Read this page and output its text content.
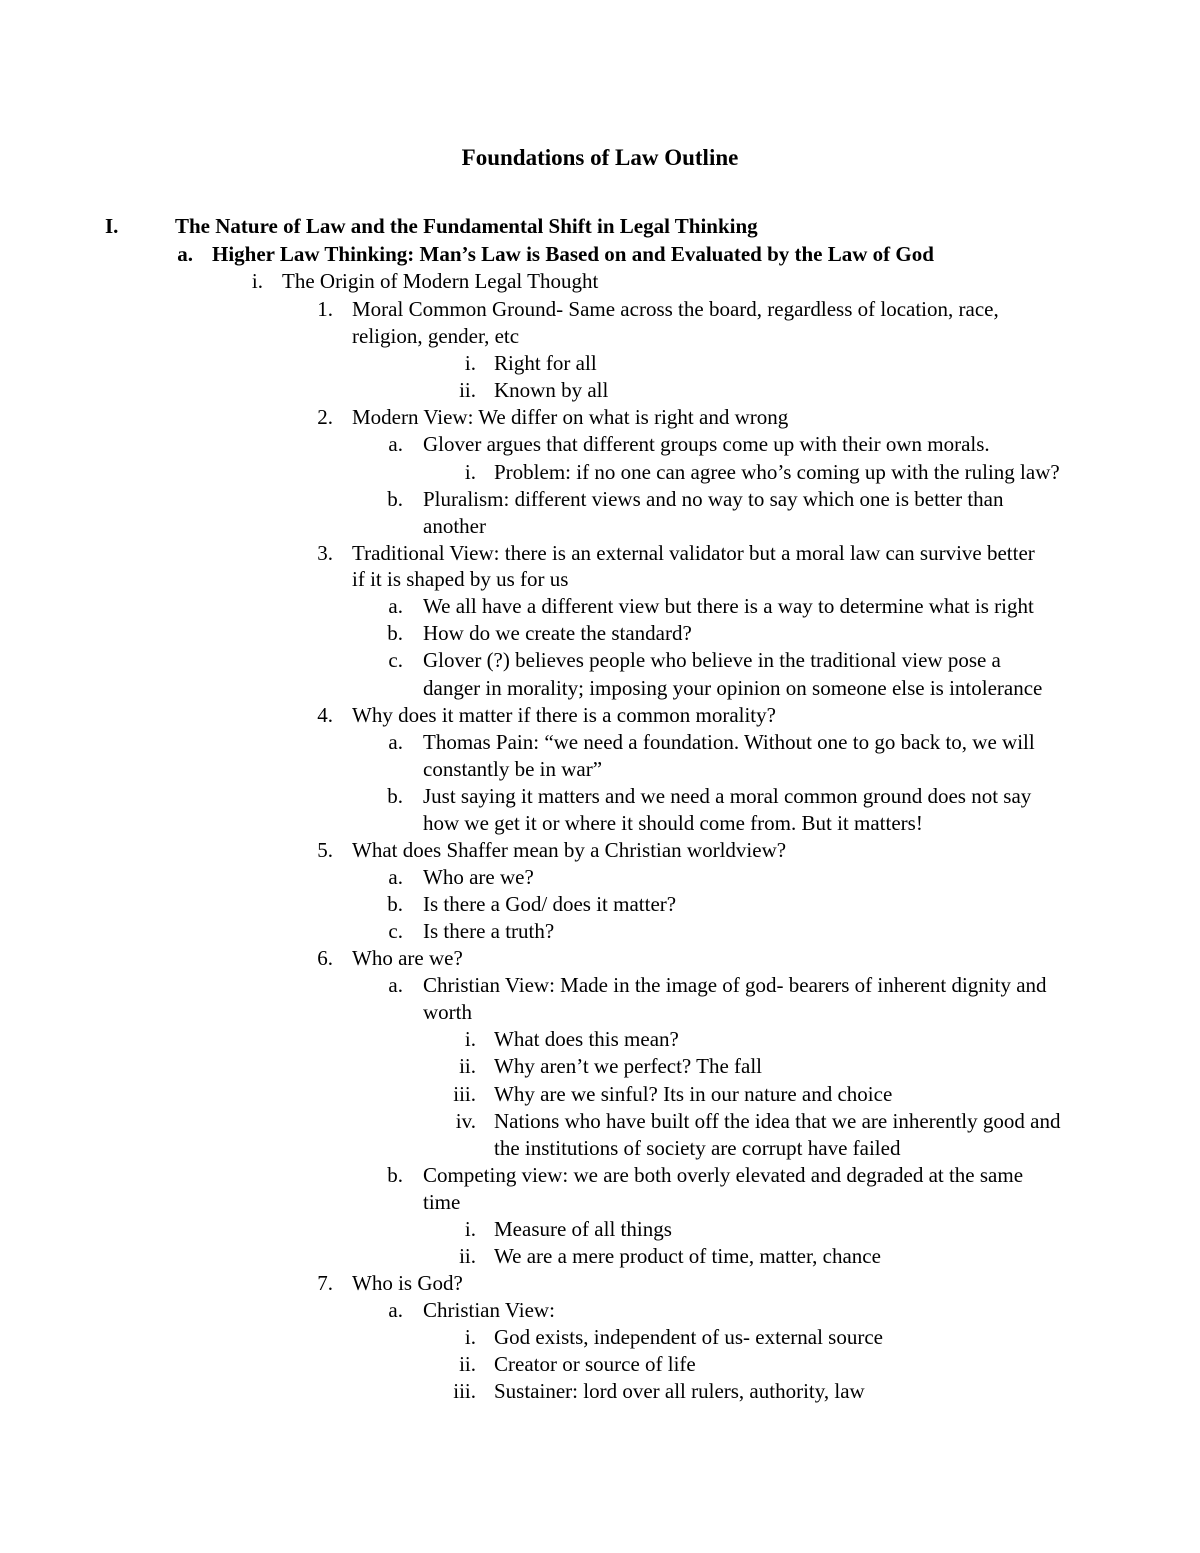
Foundations of Law Outline
I.	The Nature of Law and the Fundamental Shift in Legal Thinking
a. Higher Law Thinking: Man’s Law is Based on and Evaluated by the Law of God
i. The Origin of Modern Legal Thought
1. Moral Common Ground- Same across the board, regardless of location, race,
religion, gender, etc
i. Right for all
ii. Known by all
2. Modern View: We differ on what is right and wrong
a. Glover argues that different groups come up with their own morals.
i. Problem: if no one can agree who’s coming up with the ruling law?
b. Pluralism: different views and no way to say which one is better than
another
3. Traditional View: there is an external validator but a moral law can survive better
if it is shaped by us for us
a. We all have a different view but there is a way to determine what is right
b. How do we create the standard?
c. Glover (?) believes people who believe in the traditional view pose a
danger in morality; imposing your opinion on someone else is intolerance
4. Why does it matter if there is a common morality?
a. Thomas Pain: “we need a foundation. Without one to go back to, we will
constantly be in war”
b. Just saying it matters and we need a moral common ground does not say
how we get it or where it should come from. But it matters!
5. What does Shaffer mean by a Christian worldview?
a. Who are we?
b. Is there a God/ does it matter?
c. Is there a truth?
6. Who are we?
a. Christian View: Made in the image of god- bearers of inherent dignity and
worth
i. What does this mean?
ii. Why aren’t we perfect? The fall
iii. Why are we sinful? Its in our nature and choice
iv. Nations who have built off the idea that we are inherently good and
the institutions of society are corrupt have failed
b. Competing view: we are both overly elevated and degraded at the same
time
i. Measure of all things
ii. We are a mere product of time, matter, chance
7. Who is God?
a. Christian View:
i. God exists, independent of us- external source
ii. Creator or source of life
iii. Sustainer: lord over all rulers, authority, law
